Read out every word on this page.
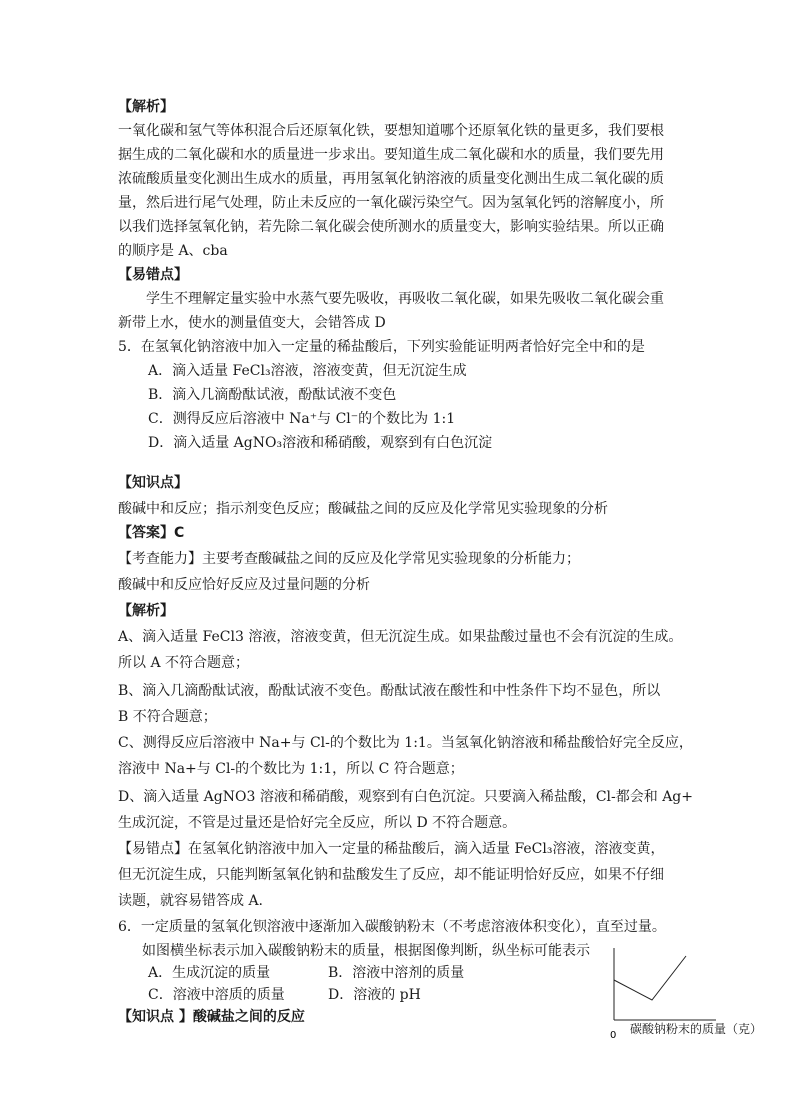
【解析】
一氧化碳和氢气等体积混合后还原氧化铁，要想知道哪个还原氧化铁的量更多，我们要根
据生成的二氧化碳和水的质量进一步求出。要知道生成二氧化碳和水的质量，我们要先用
浓硫酸质量变化测出生成水的质量，再用氢氧化钠溶液的质量变化测出生成二氧化碳的质
量，然后进行尾气处理，防止未反应的一氧化碳污染空气。因为氢氧化钙的溶解度小，所
以我们选择氢氧化钠，若先除二氧化碳会使所测水的质量变大，影响实验结果。所以正确
的顺序是 A、cba
【易错点】
学生不理解定量实验中水蒸气要先吸收，再吸收二氧化碳，如果先吸收二氧化碳会重
新带上水，使水的测量值变大，会错答成 D
5．在氢氧化钠溶液中加入一定量的稀盐酸后，下列实验能证明两者恰好完全中和的是
A．滴入适量 FeCl₃溶液，溶液变黄，但无沉淀生成
B．滴入几滴酚酞试液，酚酞试液不变色
C．测得反应后溶液中 Na⁺与 Cl⁻的个数比为 1:1
D．滴入适量 AgNO₃溶液和稀硝酸，观察到有白色沉淀
【知识点】
酸碱中和反应；指示剂变色反应；酸碱盐之间的反应及化学常见实验现象的分析
【答案】C
【考查能力】主要考查酸碱盐之间的反应及化学常见实验现象的分析能力；
酸碱中和反应恰好反应及过量问题的分析
【解析】
A、滴入适量 FeCl3 溶液，溶液变黄，但无沉淀生成。如果盐酸过量也不会有沉淀的生成。
所以 A 不符合题意；
B、滴入几滴酚酞试液，酚酞试液不变色。酚酞试液在酸性和中性条件下均不显色，所以
B 不符合题意；
C、测得反应后溶液中 Na+与 Cl-的个数比为 1:1。当氢氧化钠溶液和稀盐酸恰好完全反应，
溶液中 Na+与 Cl-的个数比为 1:1，所以 C 符合题意；
D、滴入适量 AgNO3 溶液和稀硝酸，观察到有白色沉淀。只要滴入稀盐酸，Cl-都会和 Ag+
生成沉淀，不管是过量还是恰好完全反应，所以 D 不符合题意。
【易错点】在氢氧化钠溶液中加入一定量的稀盐酸后，滴入适量 FeCl₃溶液，溶液变黄，
但无沉淀生成，只能判断氢氧化钠和盐酸发生了反应，却不能证明恰好反应，如果不仔细
读题，就容易错答成 A.
6．一定质量的氢氧化钡溶液中逐渐加入碳酸钠粉末（不考虑溶液体积变化），直至过量。
如图横坐标表示加入碳酸钠粉末的质量，根据图像判断，纵坐标可能表示
A．生成沉淀的质量	B．溶液中溶剂的质量
C．溶液中溶质的质量	D．溶液的 pH
【知识点 】酸碱盐之间的反应
0 碳酸钠粉末的质量（克）
